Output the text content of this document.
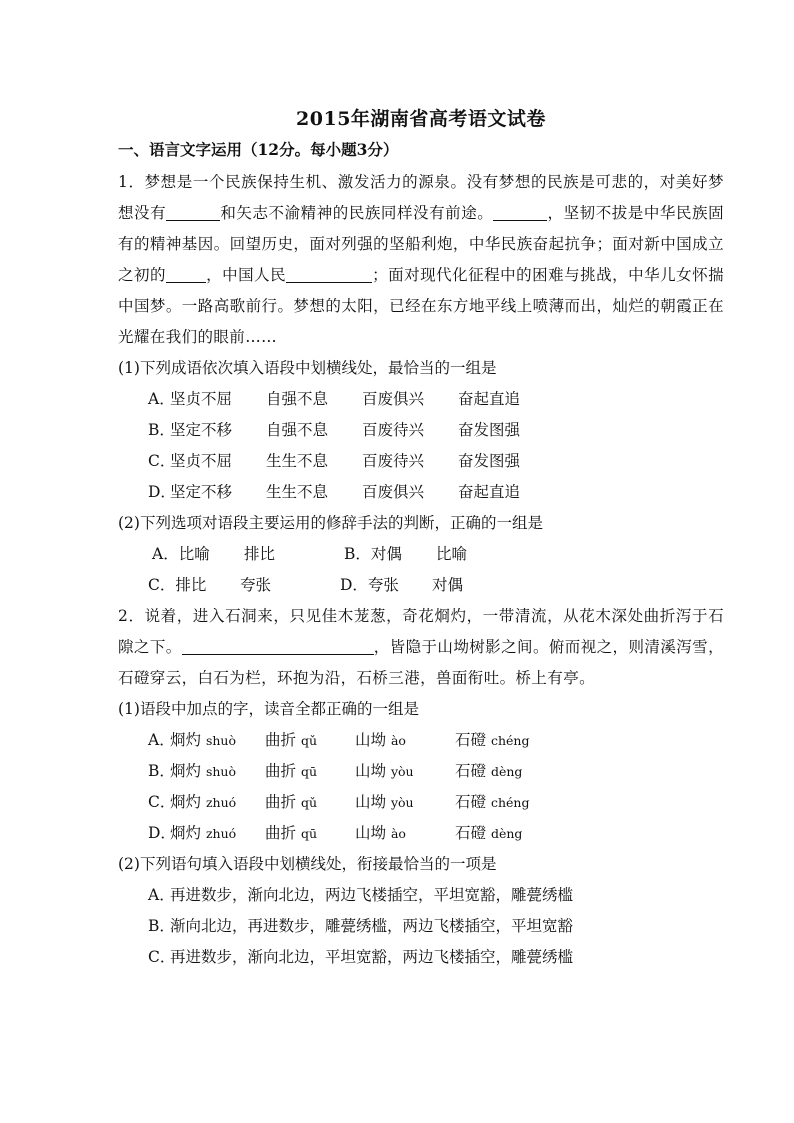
2015年湖南省高考语文试卷
一、语言文字运用（12分。每小题3分）

1．梦想是一个民族保持生机、激发活力的源泉。没有梦想的民族是可悲的，对美好梦想没有	和矢志不渝精神的民族同样没有前途。	，坚韧不拔是中华民族固有的精神基因。回望历史，面对列强的坚船利炮，中华民族奋起抗争；面对新中国成立之初的	，中国人民	；面对现代化征程中的困难与挑战，中华儿女怀揣中国梦。一路高歌前行。梦想的太阳，已经在东方地平线上喷薄而出，灿烂的朝霞正在光耀在我们的眼前……

(1)下列成语依次填入语段中划横线处，最恰当的一组是

A．坚贞不屈 自强不息 百废俱兴 奋起直追

B．坚定不移 自强不息 百废待兴 奋发图强

C．坚贞不屈 生生不息 百废待兴 奋发图强

D．坚定不移 生生不息 百废俱兴 奋起直追

(2)下列选项对语段主要运用的修辞手法的判断，正确的一组是

A．比喻 排比	B．对偶 比喻

C．排比 夸张	D．夸张 对偶

2．说着，进入石洞来，只见佳木茏葱，奇花烱灼，一带清流，从花木深处曲折泻于石隙之下。	，皆隐于山坳树影之间。俯而视之，则清溪泻雪，石磴穿云，白石为栏，环抱为沿，石桥三港，兽面衔吐。桥上有亭。

(1)语段中加点的字，读音全都正确的一组是

A．烱灼 shuò 曲折 qǔ 山坳 ào	石磴 chéng

B．烱灼 shuò 曲折 qū 山坳 yòu	石磴 dèng

C．烱灼 zhuó 曲折 qǔ 山坳 yòu	石磴 chéng

D．烱灼 zhuó 曲折 qū 山坳 ào	石磴 dèng

(2)下列语句填入语段中划横线处，衔接最恰当的一项是

A．再进数步，渐向北边，两边飞楼插空，平坦宽豁，雕甍绣槛

B．渐向北边，再进数步，雕甍绣槛，两边飞楼插空，平坦宽豁

C．再进数步，渐向北边，平坦宽豁，两边飞楼插空，雕甍绣槛
